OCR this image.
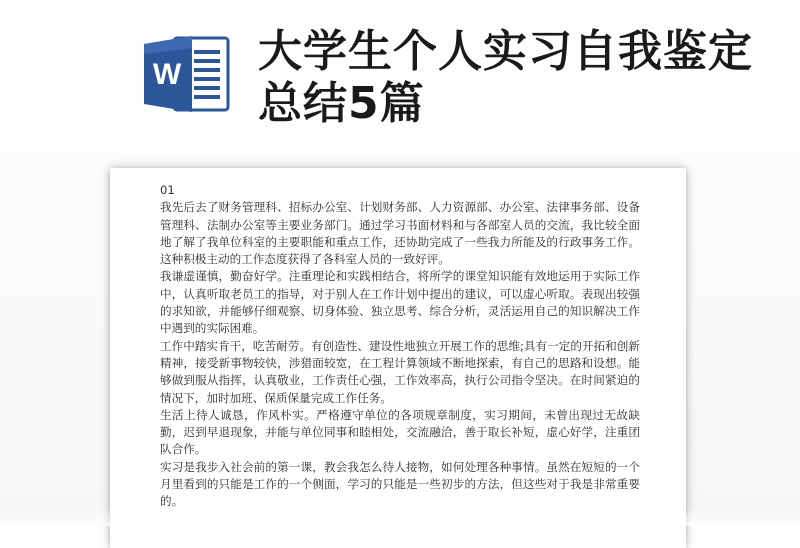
W 大学生个人实习自我鉴定总结5篇

01

我先后去了财务管理科、招标办公室、计划财务部、人力资源部、办公室、法律事务部、设备管理科、法制办公室等主要业务部门。通过学习书面材料和与各部室人员的交流，我比较全面地了解了我单位科室的主要职能和重点工作，还协助完成了一些我力所能及的行政事务工作。这种积极主动的工作态度获得了各科室人员的一致好评。

我谦虚谨慎，勤奋好学。注重理论和实践相结合，将所学的课堂知识能有效地运用于实际工作中，认真听取老员工的指导，对于别人在工作计划中提出的建议，可以虚心听取。表现出较强的求知欲，并能够仔细观察、切身体验、独立思考、综合分析，灵活运用自己的知识解决工作中遇到的实际困难。

工作中踏实肯干，吃苦耐劳。有创造性、建设性地独立开展工作的思维;具有一定的开拓和创新精神，接受新事物较快，涉猎面较宽，在工程计算领域不断地探索，有自己的思路和设想。能够做到服从指挥，认真敬业，工作责任心强，工作效率高，执行公司指令坚决。在时间紧迫的情况下，加时加班、保质保量完成工作任务。

生活上待人诚恳，作风朴实。严格遵守单位的各项规章制度，实习期间，未曾出现过无故缺勤，迟到早退现象，并能与单位同事和睦相处，交流融洽，善于取长补短，虚心好学，注重团队合作。

实习是我步入社会前的第一课，教会我怎么待人接物，如何处理各种事情。虽然在短短的一个月里看到的只能是工作的一个侧面，学习的只能是一些初步的方法，但这些对于我是非常重要的。
